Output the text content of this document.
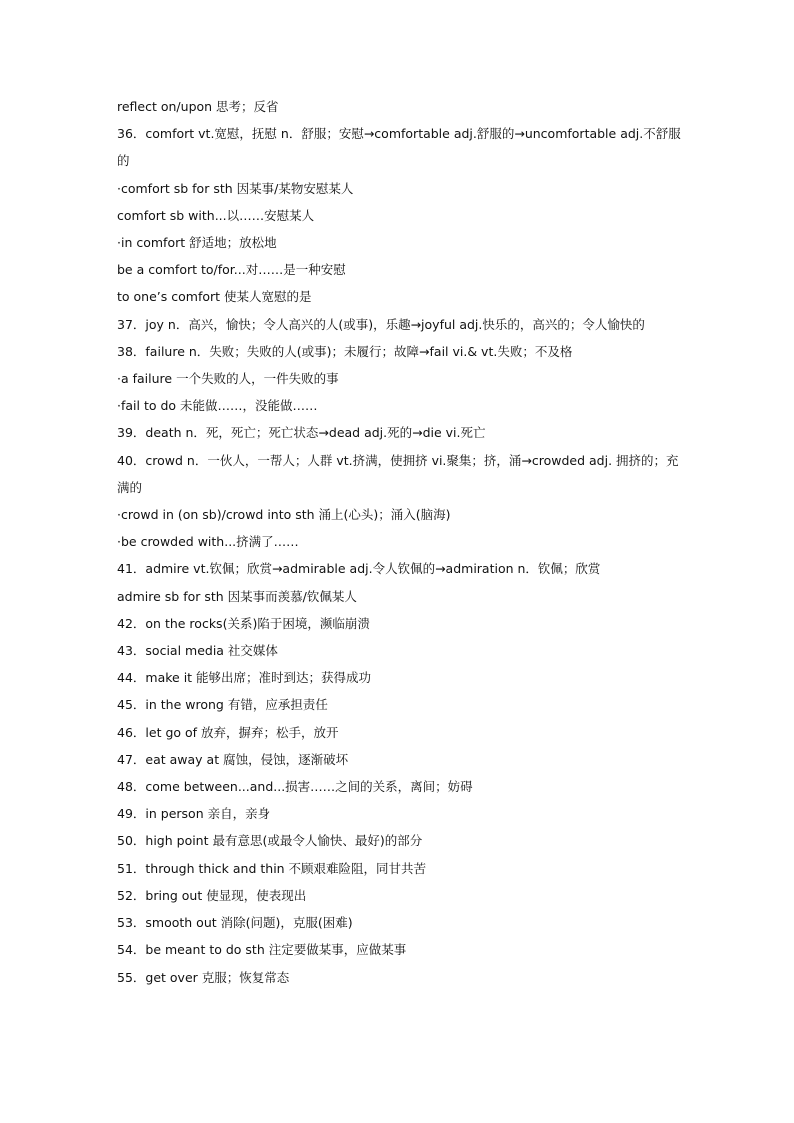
reflect on/upon 思考；反省
36．comfort vt.宽慰，抚慰 n．舒服；安慰→comfortable adj.舒服的→uncomfortable adj.不舒服的
·comfort sb for sth 因某事/某物安慰某人
comfort sb with...以……安慰某人
·in comfort 舒适地；放松地
be a comfort to/for...对……是一种安慰
to one’s comfort 使某人宽慰的是
37．joy n．高兴，愉快；令人高兴的人(或事)，乐趣→joyful adj.快乐的，高兴的；令人愉快的
38．failure n．失败；失败的人(或事)；未履行；故障→fail vi.& vt.失败；不及格
·a failure 一个失败的人，一件失败的事
·fail to do 未能做……，没能做……
39．death n．死，死亡；死亡状态→dead adj.死的→die vi.死亡
40．crowd n．一伙人，一帮人；人群 vt.挤满，使拥挤 vi.聚集；挤，涌→crowded adj. 拥挤的；充满的
·crowd in (on sb)/crowd into sth 涌上(心头)；涌入(脑海)
·be crowded with...挤满了……
41．admire vt.钦佩；欣赏→admirable adj.令人钦佩的→admiration n．钦佩；欣赏
admire sb for sth 因某事而羡慕/钦佩某人
42．on the rocks(关系)陷于困境，濒临崩溃
43．social media 社交媒体
44．make it 能够出席；准时到达；获得成功
45．in the wrong 有错，应承担责任
46．let go of 放弃，摒弃；松手，放开
47．eat away at 腐蚀，侵蚀，逐渐破坏
48．come between...and...损害……之间的关系，离间；妨碍
49．in person 亲自，亲身
50．high point 最有意思(或最令人愉快、最好)的部分
51．through thick and thin 不顾艰难险阻，同甘共苦
52．bring out 使显现，使表现出
53．smooth out 消除(问题)，克服(困难)
54．be meant to do sth 注定要做某事，应做某事
55．get over 克服；恢复常态
